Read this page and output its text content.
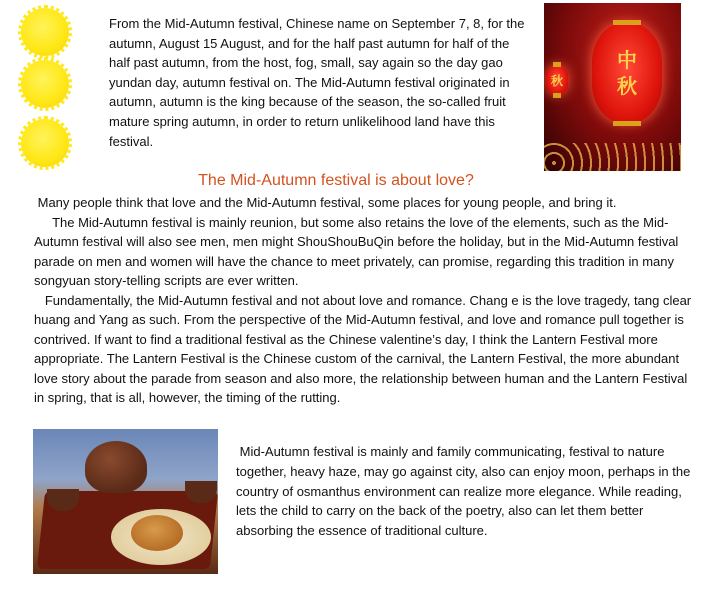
From the Mid-Autumn festival, Chinese name on September 7, 8, for the autumn, August 15 August, and for the half past autumn for half of the half past autumn, from the host, fog, small, say again so the day gao yundan day, autumn festival on. The Mid-Autumn festival originated in autumn, autumn is the king because of the season, the so-called fruit mature spring autumn, in order to return unlikelihood land have this festival.
秋
中秋
The Mid-Autumn festival is about love?

Many people think that love and the Mid-Autumn festival, some places for young people, and bring it.

The Mid-Autumn festival is mainly reunion, but some also retains the love of the elements, such as the Mid-Autumn festival will also see men, men might ShouShouBuQin before the holiday, but in the Mid-Autumn festival parade on men and women will have the chance to meet privately, can promise, regarding this tradition in many songyuan story-telling scripts are ever written.

Fundamentally, the Mid-Autumn festival and not about love and romance. Chang e is the love tragedy, tang clear huang and Yang as such. From the perspective of the Mid-Autumn festival, and love and romance pull together is contrived. If want to find a traditional festival as the Chinese valentine’s day, I think the Lantern Festival more appropriate. The Lantern Festival is the Chinese custom of the carnival, the Lantern Festival, the more abundant love story about the parade from season and also more, the relationship between human and the Lantern Festival in spring, that is all, however, the timing of the rutting.

Mid-Autumn festival is mainly and family communicating, festival to nature together, heavy haze, may go against city, also can enjoy moon, perhaps in the country of osmanthus environment can realize more elegance. While reading, lets the child to carry on the back of the poetry, also can let them better absorbing the essence of traditional culture.
